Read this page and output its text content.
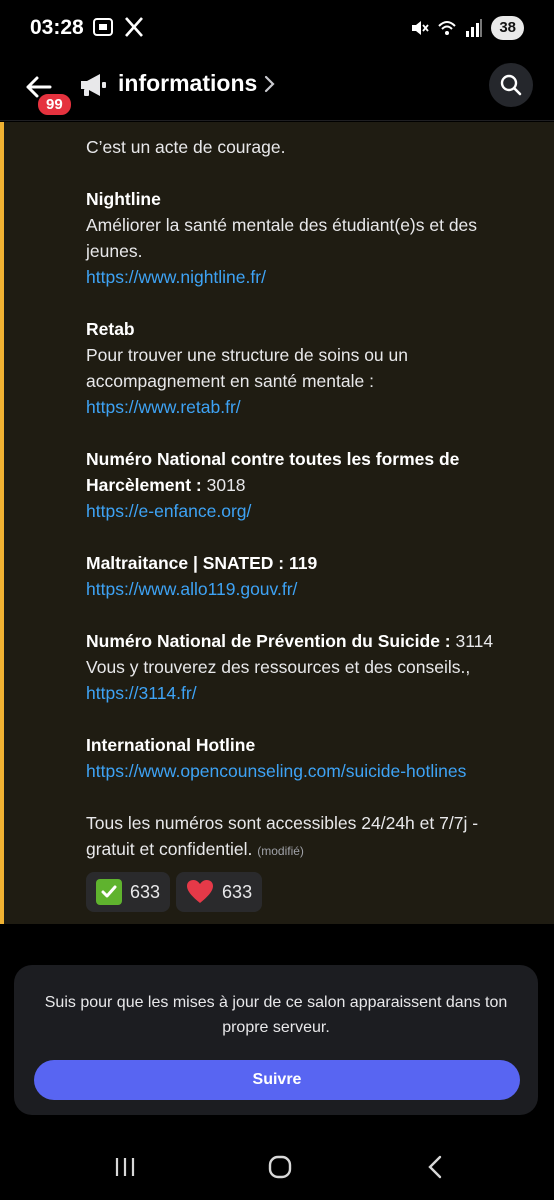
03:28	38
99
informations
C’est un acte de courage.
Nightline
Améliorer la santé mentale des étudiant(e)s et des jeunes.
https://www.nightline.fr/
Retab
Pour trouver une structure de soins ou un accompagnement en santé mentale :
https://www.retab.fr/
Numéro National contre toutes les formes de Harcèlement : 3018
https://e-enfance.org/
Maltraitance | SNATED : 119
https://www.allo119.gouv.fr/
Numéro National de Prévention du Suicide : 3114
Vous y trouverez des ressources et des conseils.,
https://3114.fr/
International Hotline
https://www.opencounseling.com/suicide-hotlines
Tous les numéros sont accessibles 24/24h et 7/7j - gratuit et confidentiel. (modifié)
633	633
Suis pour que les mises à jour de ce salon apparaissent dans ton propre serveur.
Suivre
